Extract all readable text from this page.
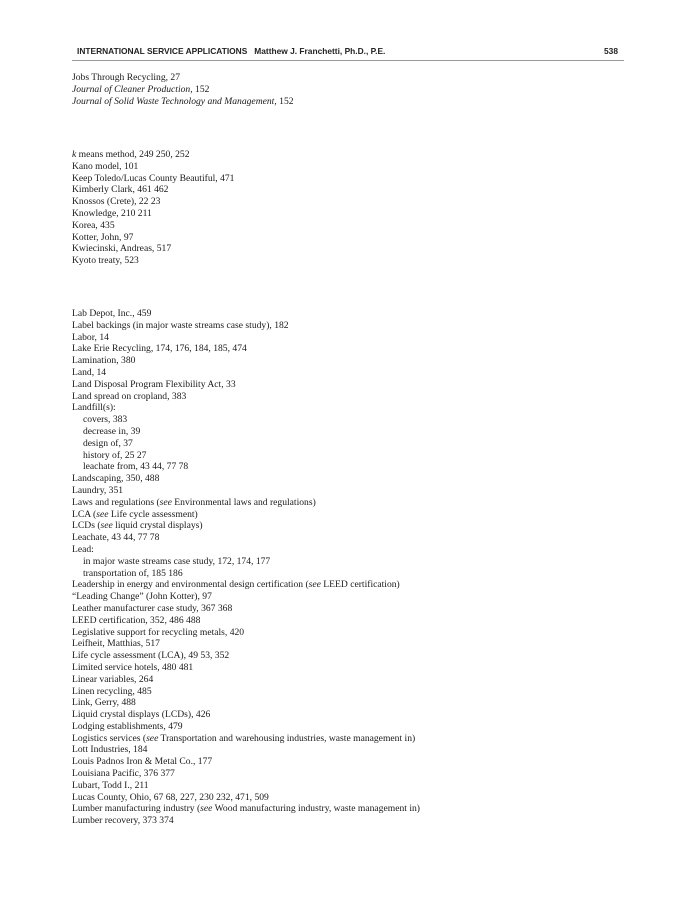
INTERNATIONAL SERVICE APPLICATIONS Matthew J. Franchetti, Ph.D., P.E.	538
Jobs Through Recycling, 27
Journal of Cleaner Production, 152
Journal of Solid Waste Technology and Management, 152
k means method, 249 250, 252
Kano model, 101
Keep Toledo/Lucas County Beautiful, 471
Kimberly Clark, 461 462
Knossos (Crete), 22 23
Knowledge, 210 211
Korea, 435
Kotter, John, 97
Kwiecinski, Andreas, 517
Kyoto treaty, 523
Lab Depot, Inc., 459
Label backings (in major waste streams case study), 182
Labor, 14
Lake Erie Recycling, 174, 176, 184, 185, 474
Lamination, 380
Land, 14
Land Disposal Program Flexibility Act, 33
Land spread on cropland, 383
Landfill(s):
covers, 383
decrease in, 39
design of, 37
history of, 25 27
leachate from, 43 44, 77 78
Landscaping, 350, 488
Laundry, 351
Laws and regulations (see Environmental laws and regulations)
LCA (see Life cycle assessment)
LCDs (see liquid crystal displays)
Leachate, 43 44, 77 78
Lead:
in major waste streams case study, 172, 174, 177
transportation of, 185 186
Leadership in energy and environmental design certification (see LEED certification)
“Leading Change” (John Kotter), 97
Leather manufacturer case study, 367 368
LEED certification, 352, 486 488
Legislative support for recycling metals, 420
Leifheit, Matthias, 517
Life cycle assessment (LCA), 49 53, 352
Limited service hotels, 480 481
Linear variables, 264
Linen recycling, 485
Link, Gerry, 488
Liquid crystal displays (LCDs), 426
Lodging establishments, 479
Logistics services (see Transportation and warehousing industries, waste management in)
Lott Industries, 184
Louis Padnos Iron & Metal Co., 177
Louisiana Pacific, 376 377
Lubart, Todd I., 211
Lucas County, Ohio, 67 68, 227, 230 232, 471, 509
Lumber manufacturing industry (see Wood manufacturing industry, waste management in)
Lumber recovery, 373 374
